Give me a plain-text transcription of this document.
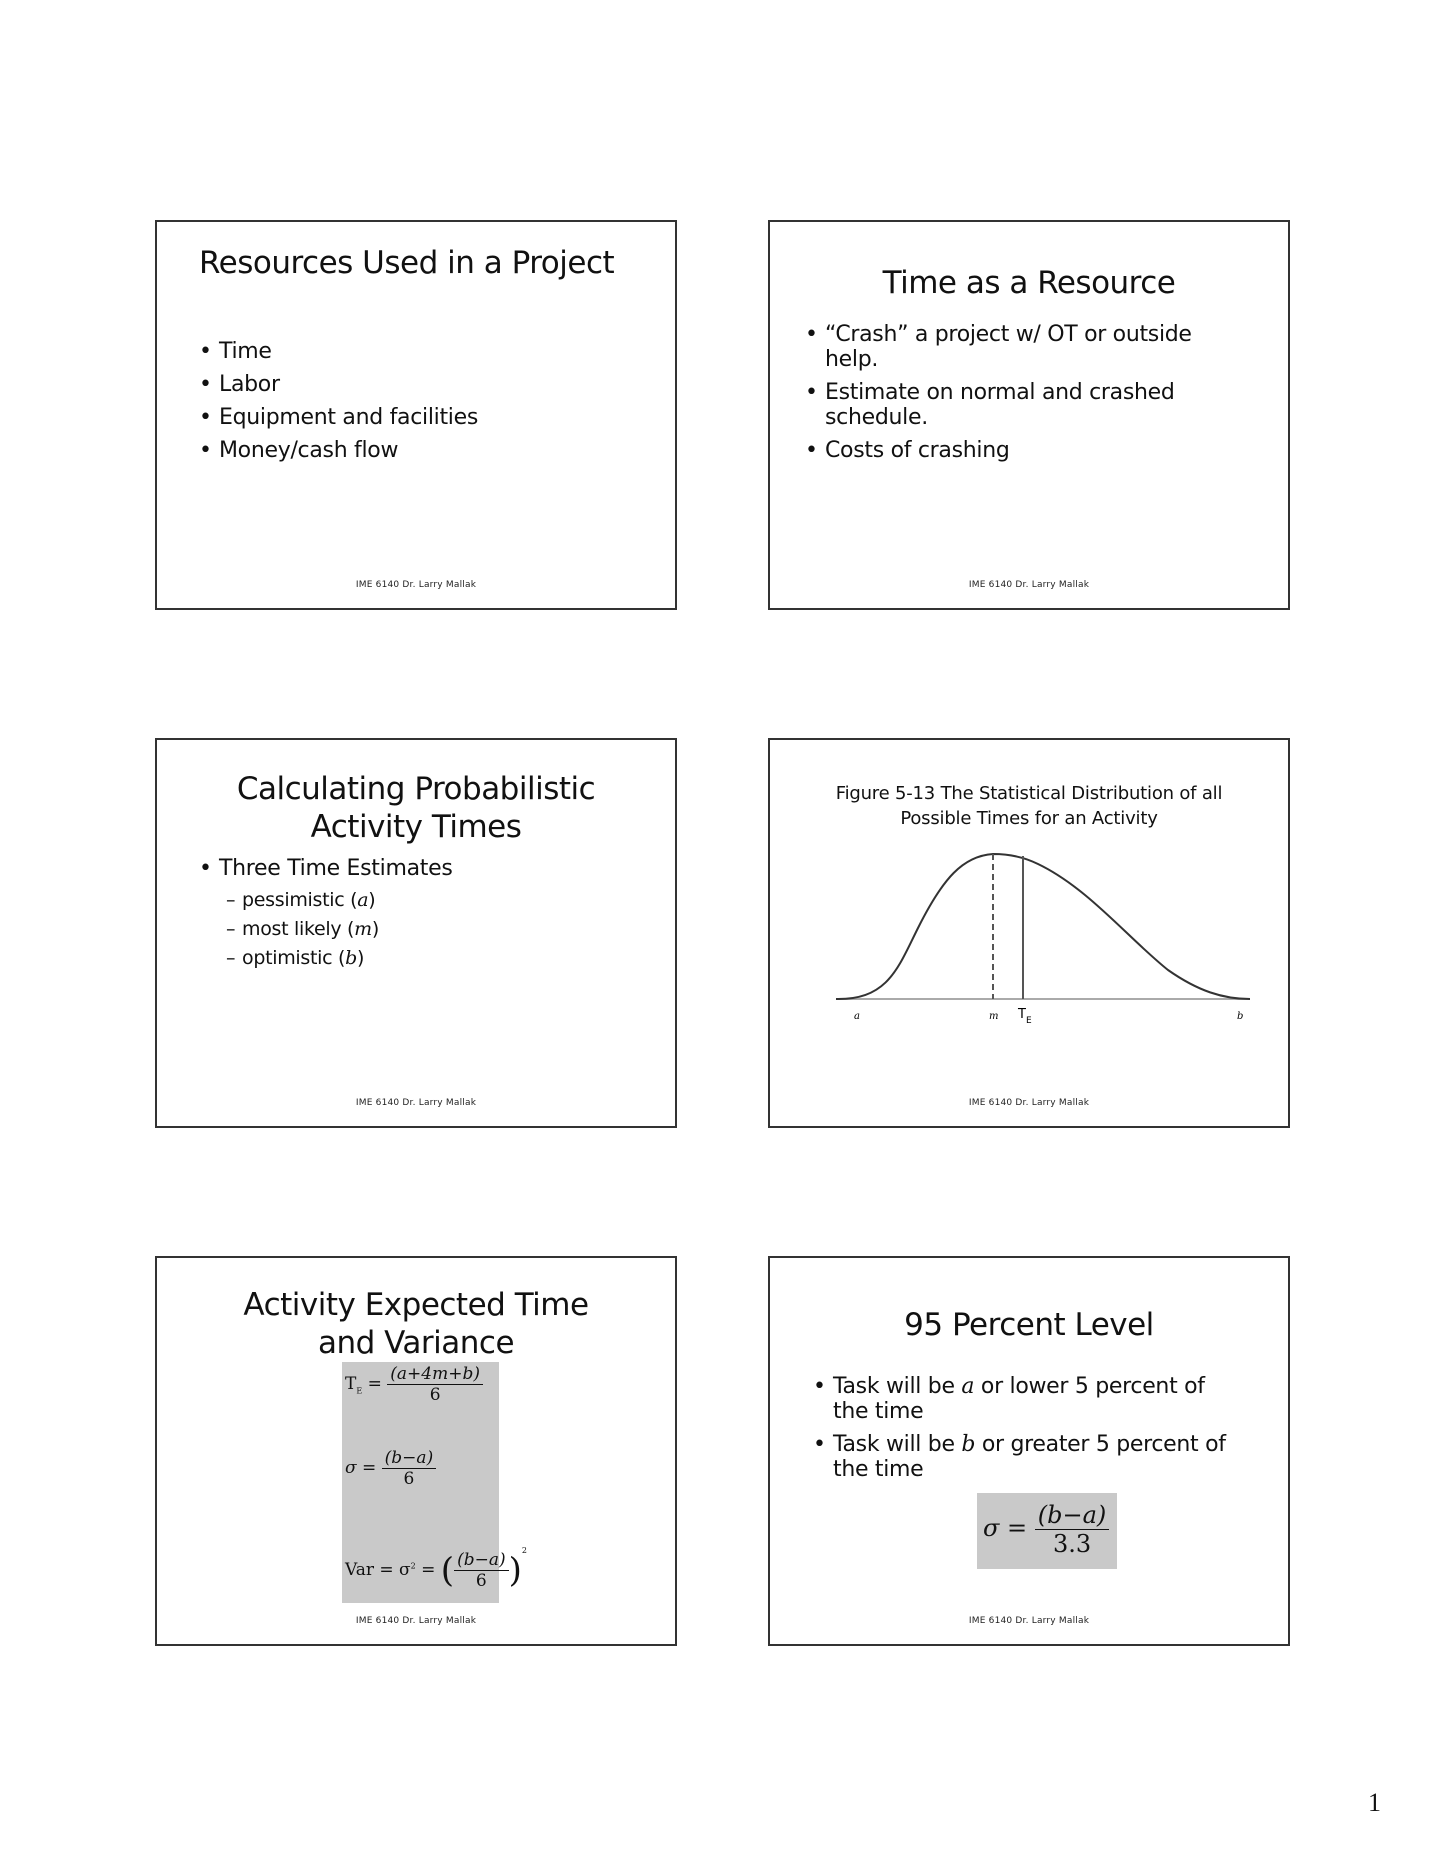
Resources Used in a Project
• Time
• Labor
• Equipment and facilities
• Money/cash flow
IME 6140 Dr. Larry Mallak
Time as a Resource
• “Crash” a project w/ OT or outside help.
• Estimate on normal and crashed schedule.
• Costs of crashing
IME 6140 Dr. Larry Mallak
Calculating Probabilistic Activity Times
• Three Time Estimates
– pessimistic (a)
– most likely (m)
– optimistic (b)
IME 6140 Dr. Larry Mallak
Figure 5-13 The Statistical Distribution of all Possible Times for an Activity
a	m T E	b
IME 6140 Dr. Larry Mallak
Activity Expected Time and Variance
$T_E = \frac{(a+4m+b)}{6}$
$\sigma = \frac{(b-a)}{6}$
Var = $\sigma^2$ = ( $\frac{(b-a)}{6} )^2$
IME 6140 Dr. Larry Mallak
95 Percent Level
• Task will be a or lower 5 percent of the time
• Task will be b or greater 5 percent of the time
$\sigma = \frac{(b-a)}{3.3}$
IME 6140 Dr. Larry Mallak
1
